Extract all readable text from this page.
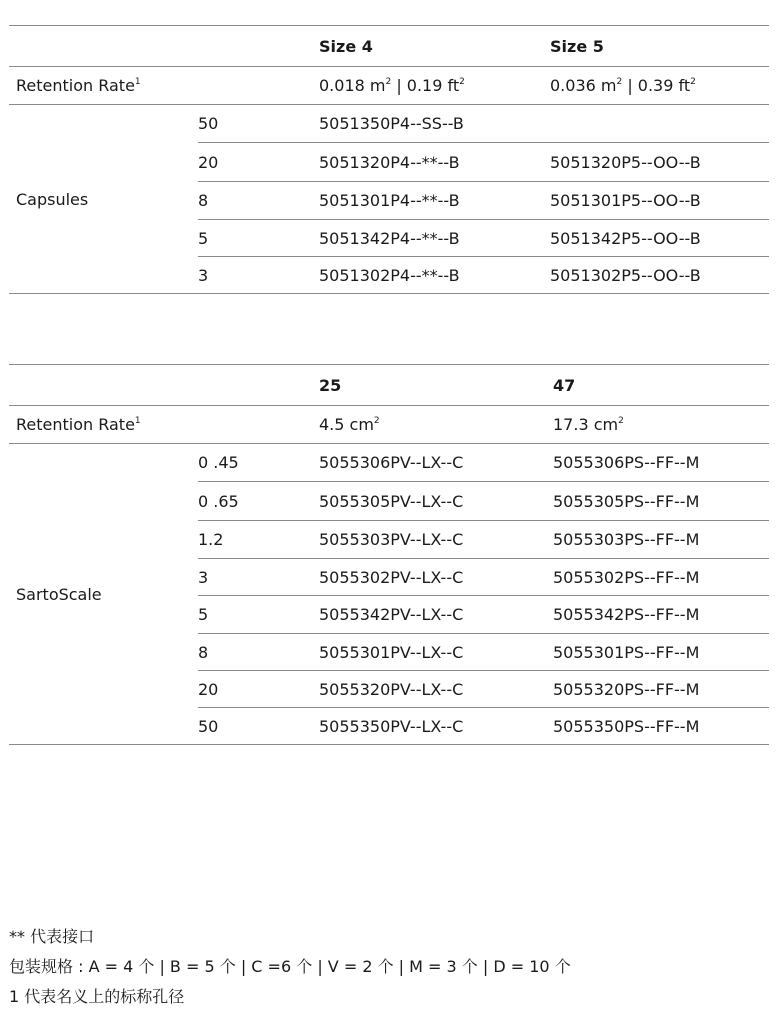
		Size 4	Size 5
Retention Rate$^1$		0.018 $m^2$ | 0.19 $ft^2$	0.036 $m^2$ | 0.39 $ft^2$
Capsules	50	5051350P4--SS--B	
	20	5051320P4--**--B	5051320P5--OO--B
	8	5051301P4--**--B	5051301P5--OO--B
	5	5051342P4--**--B	5051342P5--OO--B
	3	5051302P4--**--B	5051302P5--OO--B
		25	47
Retention Rate$^1$		4.5 $cm^2$	17.3 $cm^2$
SartoScale	0 .45	5055306PV--LX--C	5055306PS--FF--M
	0 .65	5055305PV--LX--C	5055305PS--FF--M
	1.2	5055303PV--LX--C	5055303PS--FF--M
	3	5055302PV--LX--C	5055302PS--FF--M
	5	5055342PV--LX--C	5055342PS--FF--M
	8	5055301PV--LX--C	5055301PS--FF--M
	20	5055320PV--LX--C	5055320PS--FF--M
	50	5055350PV--LX--C	5055350PS--FF--M
** 代表接口
包装规格 : A = 4 个 | B = 5 个 | C =6 个 | V = 2 个 | M = 3 个 | D = 10 个
1 代表名义上的标称孔径
